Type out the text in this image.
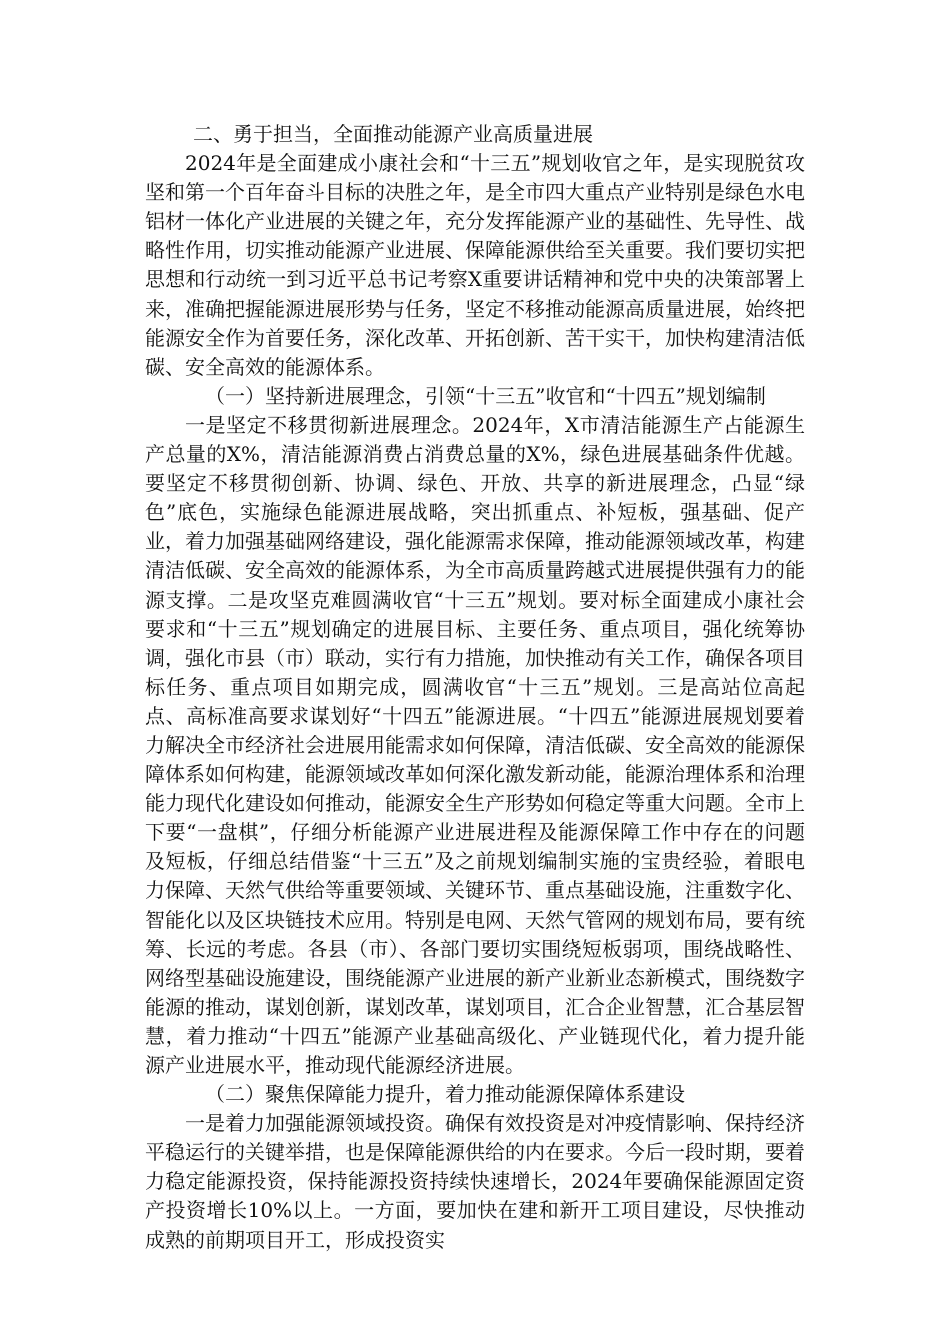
二、勇于担当，全面推动能源产业高质量进展

2024年是全面建成小康社会和“十三五”规划收官之年，是实现脱贫攻坚和第一个百年奋斗目标的决胜之年，是全市四大重点产业特别是绿色水电铝材一体化产业进展的关键之年，充分发挥能源产业的基础性、先导性、战略性作用，切实推动能源产业进展、保障能源供给至关重要。我们要切实把思想和行动统一到习近平总书记考察X重要讲话精神和党中央的决策部署上来，准确把握能源进展形势与任务，坚定不移推动能源高质量进展，始终把能源安全作为首要任务，深化改革、开拓创新、苦干实干，加快构建清洁低碳、安全高效的能源体系。

（一）坚持新进展理念，引领“十三五”收官和“十四五”规划编制

一是坚定不移贯彻新进展理念。2024年，X市清洁能源生产占能源生产总量的X%，清洁能源消费占消费总量的X%，绿色进展基础条件优越。要坚定不移贯彻创新、协调、绿色、开放、共享的新进展理念，凸显“绿色”底色，实施绿色能源进展战略，突出抓重点、补短板，强基础、促产业，着力加强基础网络建设，强化能源需求保障，推动能源领域改革，构建清洁低碳、安全高效的能源体系，为全市高质量跨越式进展提供强有力的能源支撑。二是攻坚克难圆满收官“十三五”规划。要对标全面建成小康社会要求和“十三五”规划确定的进展目标、主要任务、重点项目，强化统筹协调，强化市县（市）联动，实行有力措施，加快推动有关工作，确保各项目标任务、重点项目如期完成，圆满收官“十三五”规划。三是高站位高起点、高标准高要求谋划好“十四五”能源进展。“十四五”能源进展规划要着力解决全市经济社会进展用能需求如何保障，清洁低碳、安全高效的能源保障体系如何构建，能源领域改革如何深化激发新动能，能源治理体系和治理能力现代化建设如何推动，能源安全生产形势如何稳定等重大问题。全市上下要“一盘棋”，仔细分析能源产业进展进程及能源保障工作中存在的问题及短板，仔细总结借鉴“十三五”及之前规划编制实施的宝贵经验，着眼电力保障、天然气供给等重要领域、关键环节、重点基础设施，注重数字化、智能化以及区块链技术应用。特别是电网、天然气管网的规划布局，要有统筹、长远的考虑。各县（市）、各部门要切实围绕短板弱项，围绕战略性、网络型基础设施建设，围绕能源产业进展的新产业新业态新模式，围绕数字能源的推动，谋划创新，谋划改革，谋划项目，汇合企业智慧，汇合基层智慧，着力推动“十四五”能源产业基础高级化、产业链现代化，着力提升能源产业进展水平，推动现代能源经济进展。

（二）聚焦保障能力提升，着力推动能源保障体系建设

一是着力加强能源领域投资。确保有效投资是对冲疫情影响、保持经济平稳运行的关键举措，也是保障能源供给的内在要求。今后一段时期，要着力稳定能源投资，保持能源投资持续快速增长，2024年要确保能源固定资产投资增长10%以上。一方面，要加快在建和新开工项目建设，尽快推动成熟的前期项目开工，形成投资实
